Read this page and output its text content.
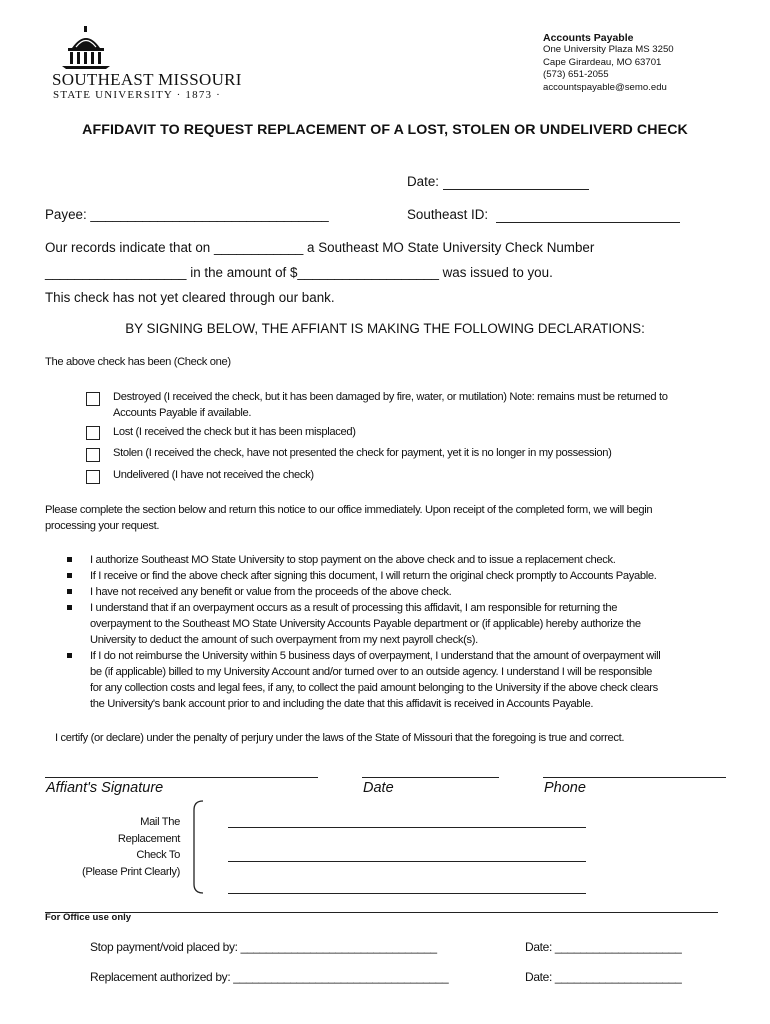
SOUTHEAST MISSOURI
STATE UNIVERSITY · 1873 ·
Accounts Payable
One University Plaza MS 3250
Cape Girardeau, MO 63701
(573) 651-2055
accountspayable@semo.edu
AFFIDAVIT TO REQUEST REPLACEMENT OF A LOST, STOLEN OR UNDELIVERD CHECK
Date:
Payee: ________________________________	Southeast ID:
Our records indicate that on ____________ a Southeast MO State University Check Number
___________________ in the amount of $___________________ was issued to you.
This check has not yet cleared through our bank.
BY SIGNING BELOW, THE AFFIANT IS MAKING THE FOLLOWING DECLARATIONS:
The above check has been (Check one)
Destroyed (I received the check, but it has been damaged by fire, water, or mutilation) Note: remains must be returned to
Accounts Payable if available.
Lost (I received the check but it has been misplaced)
Stolen (I received the check, have not presented the check for payment, yet it is no longer in my possession)
Undelivered (I have not received the check)
Please complete the section below and return this notice to our office immediately. Upon receipt of the completed form, we will begin
processing your request.
I authorize Southeast MO State University to stop payment on the above check and to issue a replacement check.
If I receive or find the above check after signing this document, I will return the original check promptly to Accounts Payable.
I have not received any benefit or value from the proceeds of the above check.
I understand that if an overpayment occurs as a result of processing this affidavit, I am responsible for returning the
overpayment to the Southeast MO State University Accounts Payable department or (if applicable) hereby authorize the
University to deduct the amount of such overpayment from my next payroll check(s).
If I do not reimburse the University within 5 business days of overpayment, I understand that the amount of overpayment will
be (if applicable) billed to my University Account and/or turned over to an outside agency. I understand I will be responsible
for any collection costs and legal fees, if any, to collect the paid amount belonging to the University if the above check clears
the University's bank account prior to and including the date that this affidavit is received in Accounts Payable.
I certify (or declare) under the penalty of perjury under the laws of the State of Missouri that the foregoing is true and correct.
Affiant's Signature	Date	Phone
Mail The
Replacement
Check To
(Please Print Clearly)
For Office use only
Stop payment/void placed by: _______________________________	Date: ____________________
Replacement authorized by: __________________________________	Date: ____________________
